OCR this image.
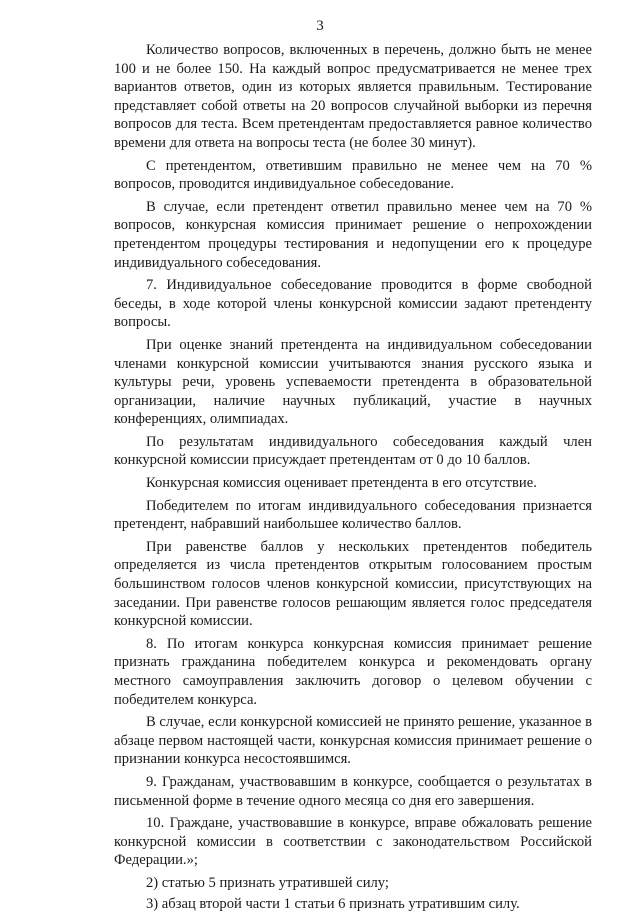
3

Количество вопросов, включенных в перечень, должно быть не менее 100 и не более 150. На каждый вопрос предусматривается не менее трех вариантов ответов, один из которых является правильным. Тестирование представляет собой ответы на 20 вопросов случайной выборки из перечня вопросов для теста. Всем претендентам предоставляется равное количество времени для ответа на вопросы теста (не более 30 минут).

С претендентом, ответившим правильно не менее чем на 70 % вопросов, проводится индивидуальное собеседование.

В случае, если претендент ответил правильно менее чем на 70 % вопросов, конкурсная комиссия принимает решение о непрохождении претендентом процедуры тестирования и недопущении его к процедуре индивидуального собеседования.

7. Индивидуальное собеседование проводится в форме свободной беседы, в ходе которой члены конкурсной комиссии задают претенденту вопросы.

При оценке знаний претендента на индивидуальном собеседовании членами конкурсной комиссии учитываются знания русского языка и культуры речи, уровень успеваемости претендента в образовательной организации, наличие научных публикаций, участие в научных конференциях, олимпиадах.

По результатам индивидуального собеседования каждый член конкурсной комиссии присуждает претендентам от 0 до 10 баллов.

Конкурсная комиссия оценивает претендента в его отсутствие.

Победителем по итогам индивидуального собеседования признается претендент, набравший наибольшее количество баллов.

При равенстве баллов у нескольких претендентов победитель определяется из числа претендентов открытым голосованием простым большинством голосов членов конкурсной комиссии, присутствующих на заседании. При равенстве голосов решающим является голос председателя конкурсной комиссии.

8. По итогам конкурса конкурсная комиссия принимает решение признать гражданина победителем конкурса и рекомендовать органу местного самоуправления заключить договор о целевом обучении с победителем конкурса.

В случае, если конкурсной комиссией не принято решение, указанное в абзаце первом настоящей части, конкурсная комиссия принимает решение о признании конкурса несостоявшимся.

9. Гражданам, участвовавшим в конкурсе, сообщается о результатах в письменной форме в течение одного месяца со дня его завершения.

10. Граждане, участвовавшие в конкурсе, вправе обжаловать решение конкурсной комиссии в соответствии с законодательством Российской Федерации.»;

2) статью 5 признать утратившей силу;

3) абзац второй части 1 статьи 6 признать утратившим силу.
